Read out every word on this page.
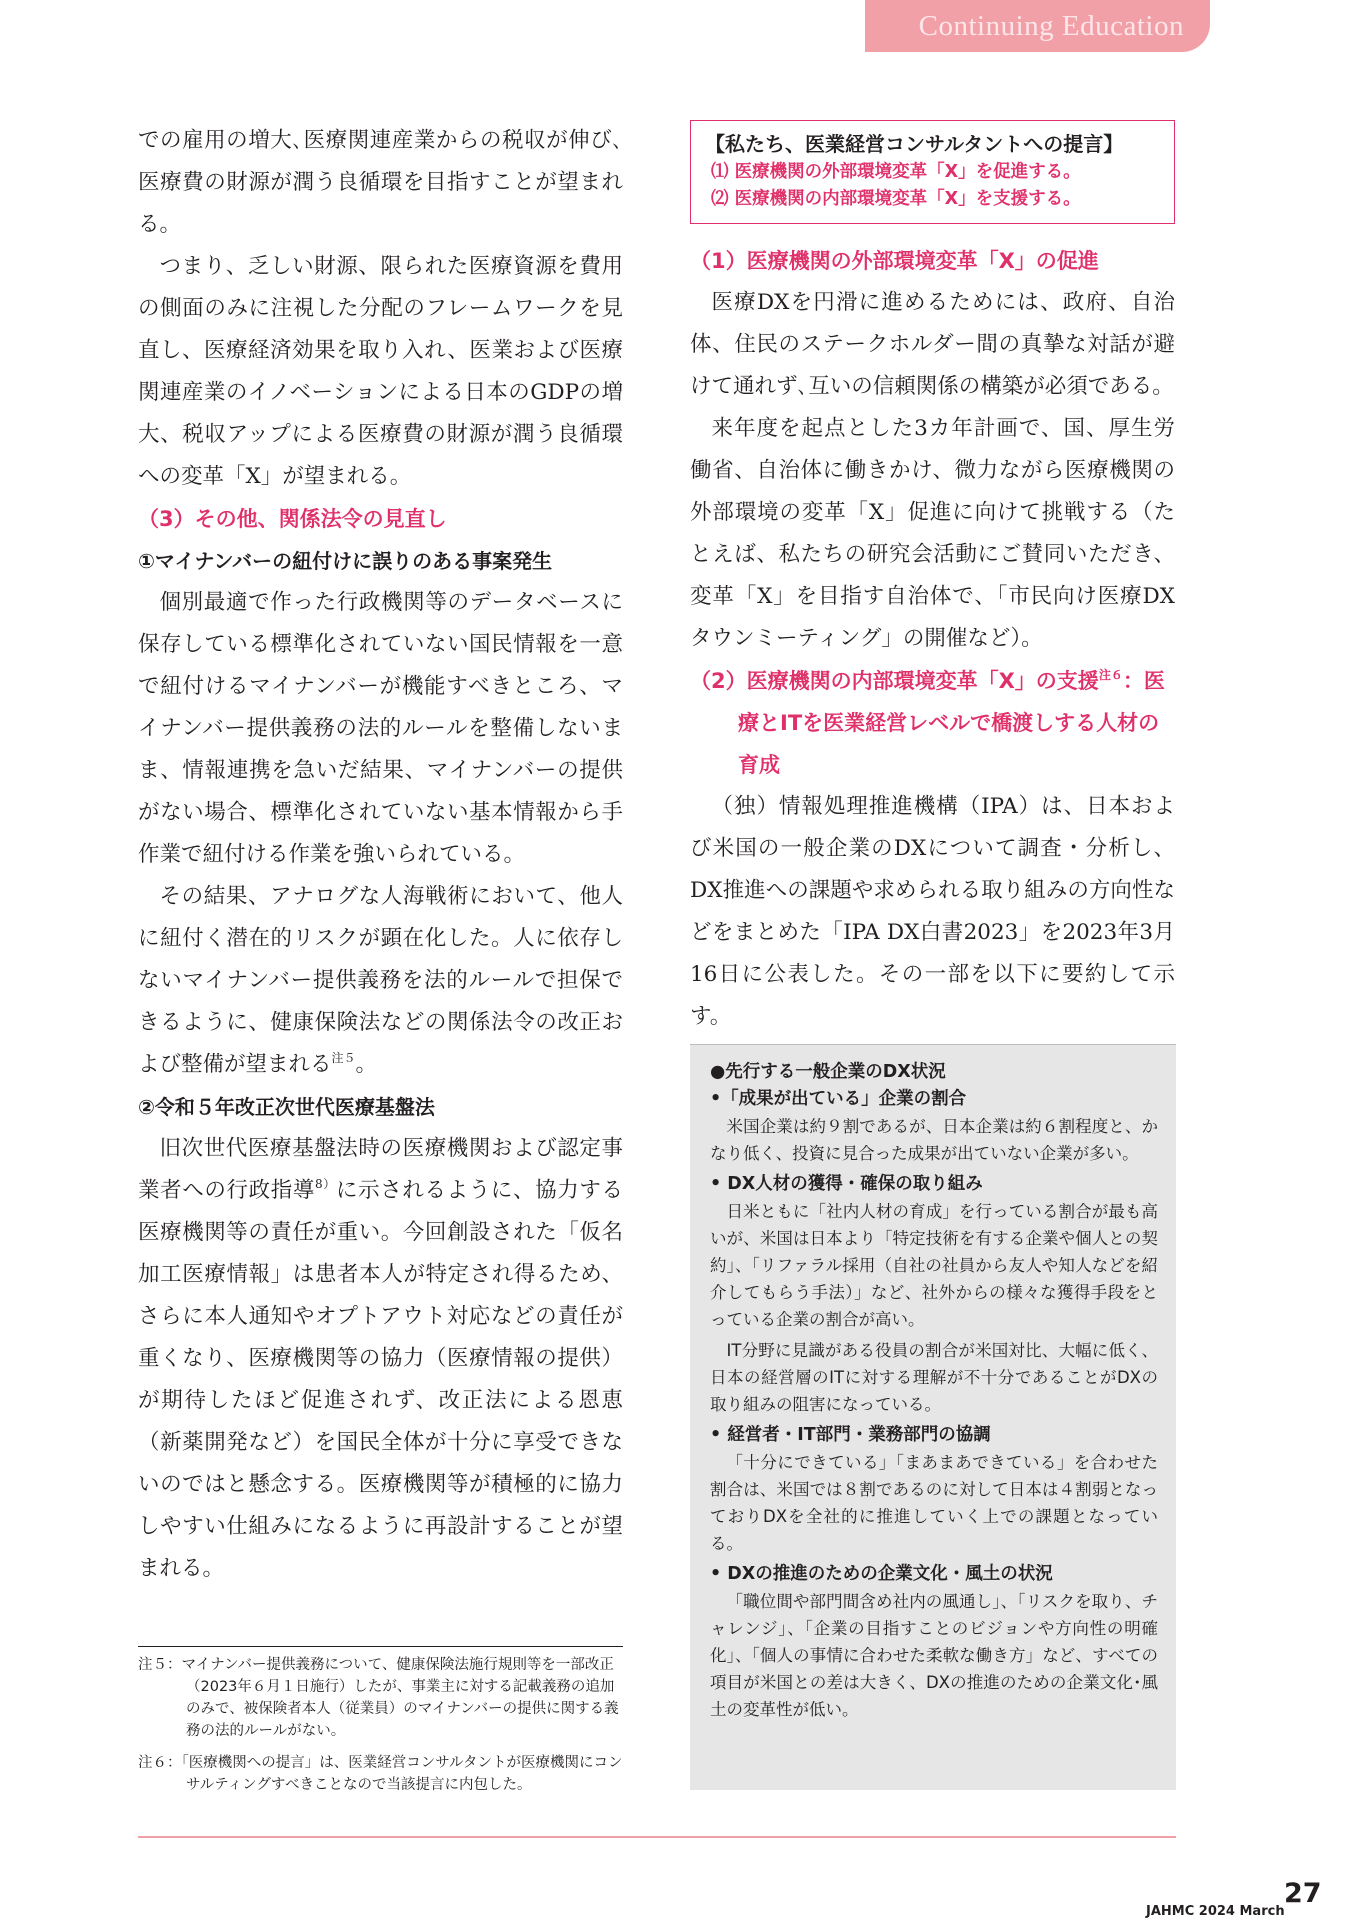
Continuing Education

での雇用の増大､医療関連産業からの税収が伸び､医療費の財源が潤う良循環を目指すことが望まれる｡

つまり、乏しい財源、限られた医療資源を費用の側面のみに注視した分配のフレームワークを見直し、医療経済効果を取り入れ、医業および医療関連産業のイノベーションによる日本のGDPの増大、税収アップによる医療費の財源が潤う良循環への変革「X」が望まれる。

（3）その他、関係法令の見直し

①マイナンバーの紐付けに誤りのある事案発生

個別最適で作った行政機関等のデータベースに保存している標準化されていない国民情報を一意で紐付けるマイナンバーが機能すべきところ、マイナンバー提供義務の法的ルールを整備しないまま、情報連携を急いだ結果、マイナンバーの提供がない場合、標準化されていない基本情報から手作業で紐付ける作業を強いられている。

その結果、アナログな人海戦術において、他人に紐付く潜在的リスクが顕在化した。人に依存しないマイナンバー提供義務を法的ルールで担保できるように、健康保険法などの関係法令の改正および整備が望まれる$^{注5}$。

②令和５年改正次世代医療基盤法

旧次世代医療基盤法時の医療機関および認定事業者への行政指導$^{8)}$に示されるように、協力する医療機関等の責任が重い。今回創設された「仮名加工医療情報」は患者本人が特定され得るため、さらに本人通知やオプトアウト対応などの責任が重くなり、医療機関等の協力（医療情報の提供）が期待したほど促進されず、改正法による恩恵（新薬開発など）を国民全体が十分に享受できないのではと懸念する。医療機関等が積極的に協力しやすい仕組みになるように再設計することが望まれる。

【私たち、医業経営コンサルタントへの提言】

⑴ 医療機関の外部環境変革「X」を促進する。

⑵ 医療機関の内部環境変革「X」を支援する。

（1）医療機関の外部環境変革「X」の促進

医療DXを円滑に進めるためには、政府、自治体、住民のステークホルダー間の真摯な対話が避けて通れず､互いの信頼関係の構築が必須である｡

来年度を起点とした3カ年計画で、国、厚生労働省、自治体に働きかけ、微力ながら医療機関の外部環境の変革「X」促進に向けて挑戦する（たとえば、私たちの研究会活動にご賛同いただき、変革「X」を目指す自治体で、「市民向け医療DXタウンミーティング」の開催など）。

（2）医療機関の内部環境変革「X」の支援$^{注6}$：医療とITを医業経営レベルで橋渡しする人材の育成

（独）情報処理推進機構（IPA）は、日本および米国の一般企業のDXについて調査・分析し、DX推進への課題や求められる取り組みの方向性などをまとめた「IPA DX白書2023」を2023年3月16日に公表した。その一部を以下に要約して示す。

●先行する一般企業のDX状況

•「成果が出ている」企業の割合

米国企業は約９割であるが、日本企業は約６割程度と、かなり低く、投資に見合った成果が出ていない企業が多い。

• DX人材の獲得・確保の取り組み

日米ともに「社内人材の育成」を行っている割合が最も高いが、米国は日本より「特定技術を有する企業や個人との契約」、「リファラル採用（自社の社員から友人や知人などを紹介してもらう手法）」など、社外からの様々な獲得手段をとっている企業の割合が高い。

IT分野に見識がある役員の割合が米国対比、大幅に低く、日本の経営層のITに対する理解が不十分であることがDXの取り組みの阻害になっている。

• 経営者・IT部門・業務部門の協調

「十分にできている」「まあまあできている」を合わせた割合は、米国では８割であるのに対して日本は４割弱となっておりDXを全社的に推進していく上での課題となっている。

• DXの推進のための企業文化・風土の状況

「職位間や部門間含め社内の風通し」、「リスクを取り、チャレンジ」、「企業の目指すことのビジョンや方向性の明確化」、「個人の事情に合わせた柔軟な働き方」など、すべての項目が米国との差は大きく、DXの推進のための企業文化･風土の変革性が低い。

注５：マイナンバー提供義務について、健康保険法施行規則等を一部改正（2023年６月１日施行）したが、事業主に対する記載義務の追加のみで、被保険者本人（従業員）のマイナンバーの提供に関する義務の法的ルールがない。

注６：「医療機関への提言」は、医業経営コンサルタントが医療機関にコンサルティングすべきことなので当該提言に内包した。

JAHMC 2024 March
27
